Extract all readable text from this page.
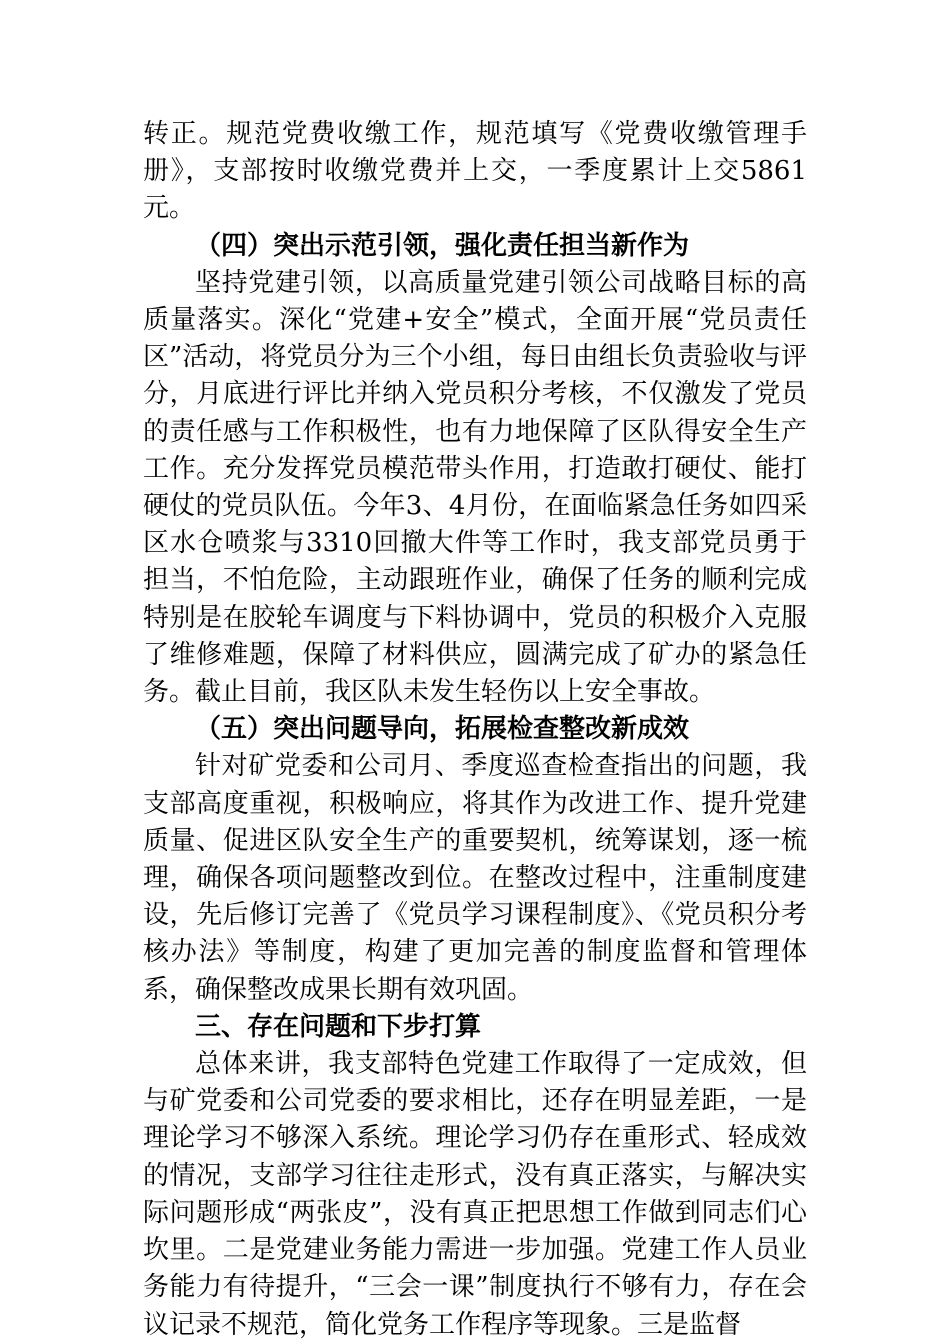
转正。规范党费收缴工作，规范填写《党费收缴管理手册》，支部按时收缴党费并上交，一季度累计上交5861元。

（四）突出示范引领，强化责任担当新作为

坚持党建引领，以高质量党建引领公司战略目标的高质量落实。深化“党建+安全”模式，全面开展“党员责任区”活动，将党员分为三个小组，每日由组长负责验收与评分，月底进行评比并纳入党员积分考核，不仅激发了党员的责任感与工作积极性，也有力地保障了区队得安全生产工作。充分发挥党员模范带头作用，打造敢打硬仗、能打硬仗的党员队伍。今年3、4月份，在面临紧急任务如四采区水仓喷浆与3310回撤大件等工作时，我支部党员勇于担当，不怕危险，主动跟班作业，确保了任务的顺利完成特别是在胶轮车调度与下料协调中，党员的积极介入克服了维修难题，保障了材料供应，圆满完成了矿办的紧急任务。截止目前，我区队未发生轻伤以上安全事故。

（五）突出问题导向，拓展检查整改新成效

针对矿党委和公司月、季度巡查检查指出的问题，我支部高度重视，积极响应，将其作为改进工作、提升党建质量、促进区队安全生产的重要契机，统筹谋划，逐一梳理，确保各项问题整改到位。在整改过程中，注重制度建设，先后修订完善了《党员学习课程制度》、《党员积分考核办法》等制度，构建了更加完善的制度监督和管理体系，确保整改成果长期有效巩固。

三、存在问题和下步打算

总体来讲，我支部特色党建工作取得了一定成效，但与矿党委和公司党委的要求相比，还存在明显差距，一是理论学习不够深入系统。理论学习仍存在重形式、轻成效的情况，支部学习往往走形式，没有真正落实，与解决实际问题形成“两张皮”，没有真正把思想工作做到同志们心坎里。二是党建业务能力需进一步加强。党建工作人员业务能力有待提升，“三会一课”制度执行不够有力，存在会议记录不规范，简化党务工作程序等现象。三是监督
